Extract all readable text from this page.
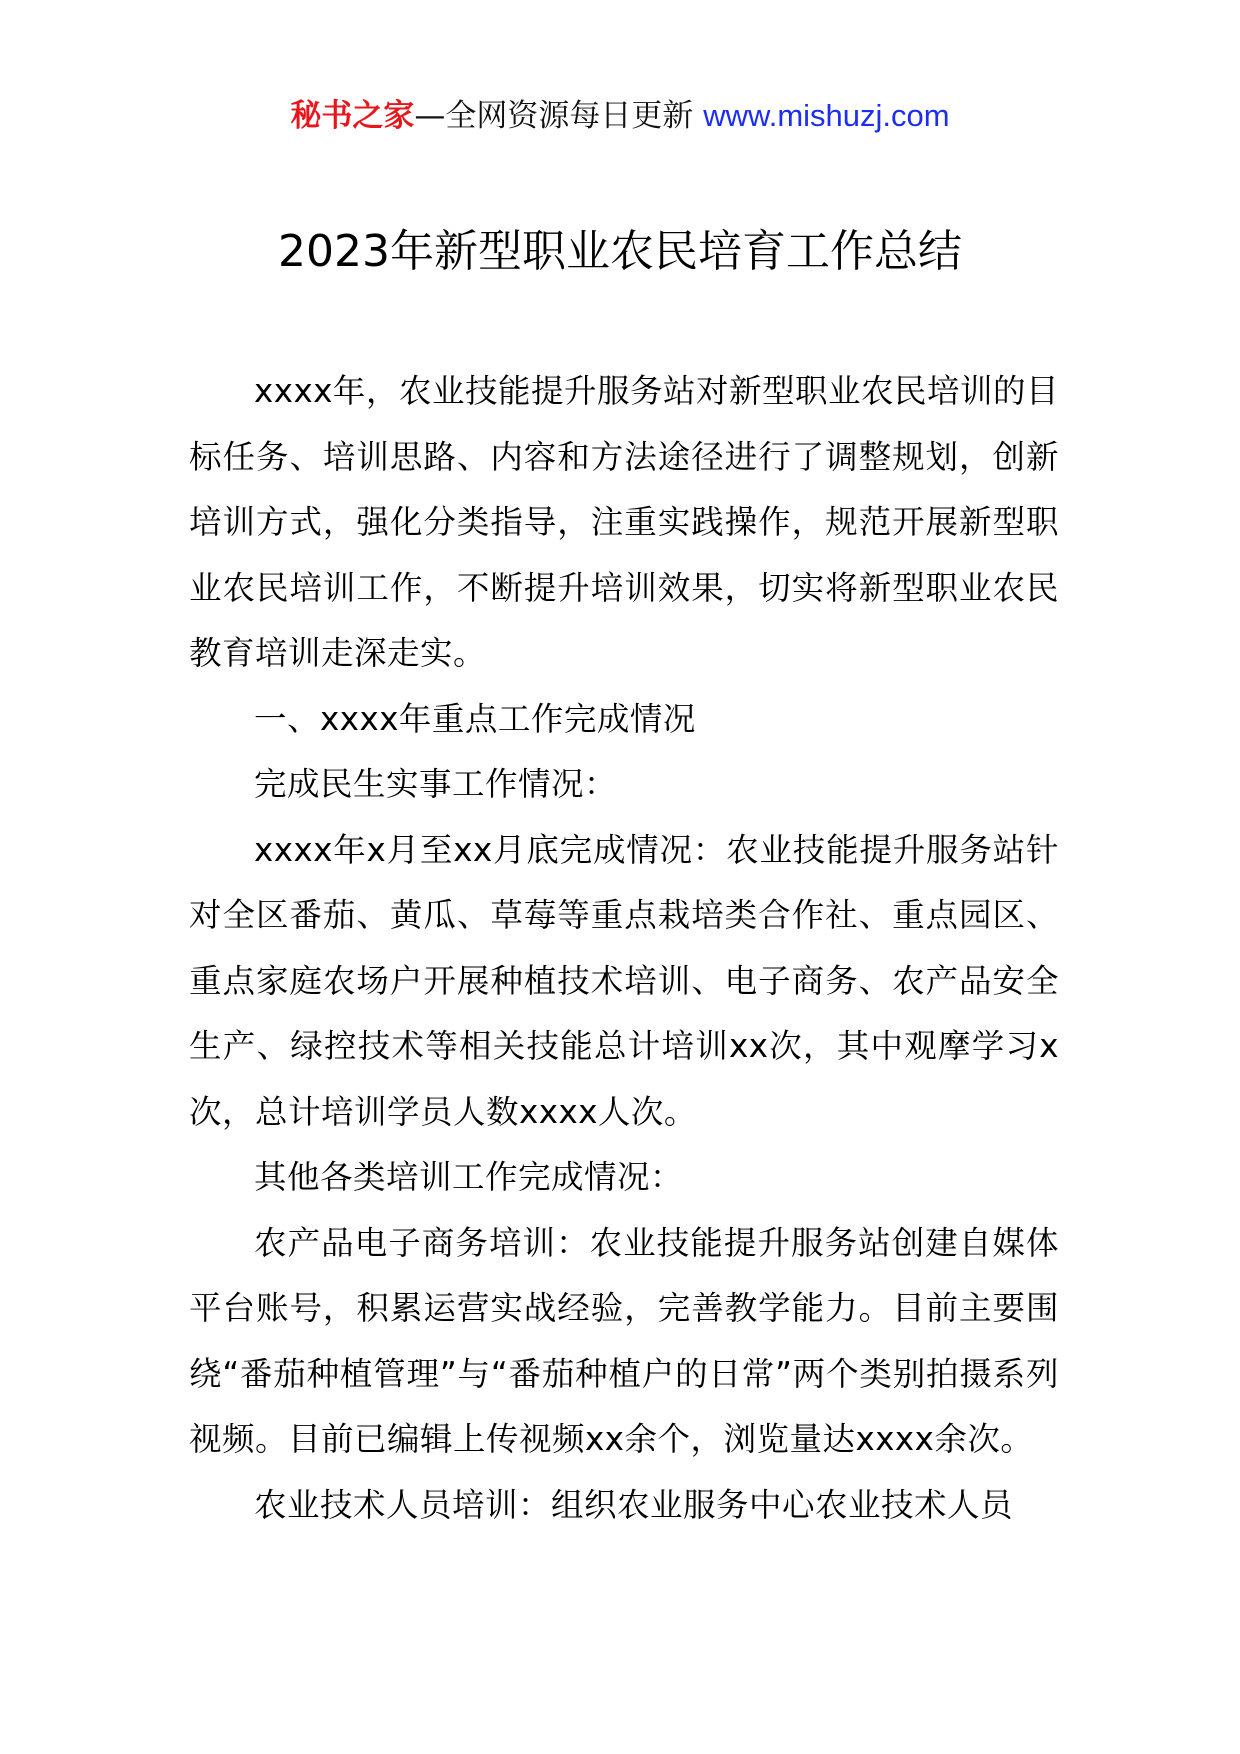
秘书之家—全网资源每日更新 www.mishuzj.com
2023年新型职业农民培育工作总结

xxxx年，农业技能提升服务站对新型职业农民培训的目标任务、培训思路、内容和方法途径进行了调整规划，创新培训方式，强化分类指导，注重实践操作，规范开展新型职业农民培训工作，不断提升培训效果，切实将新型职业农民教育培训走深走实。

一、xxxx年重点工作完成情况

完成民生实事工作情况：

xxxx年x月至xx月底完成情况：农业技能提升服务站针对全区番茄、黄瓜、草莓等重点栽培类合作社、重点园区、重点家庭农场户开展种植技术培训、电子商务、农产品安全生产、绿控技术等相关技能总计培训xx次，其中观摩学习x次，总计培训学员人数xxxx人次。

其他各类培训工作完成情况：

农产品电子商务培训：农业技能提升服务站创建自媒体平台账号，积累运营实战经验，完善教学能力。目前主要围绕“番茄种植管理”与“番茄种植户的日常”两个类别拍摄系列视频。目前已编辑上传视频xx余个，浏览量达xxxx余次。

农业技术人员培训：组织农业服务中心农业技术人员
